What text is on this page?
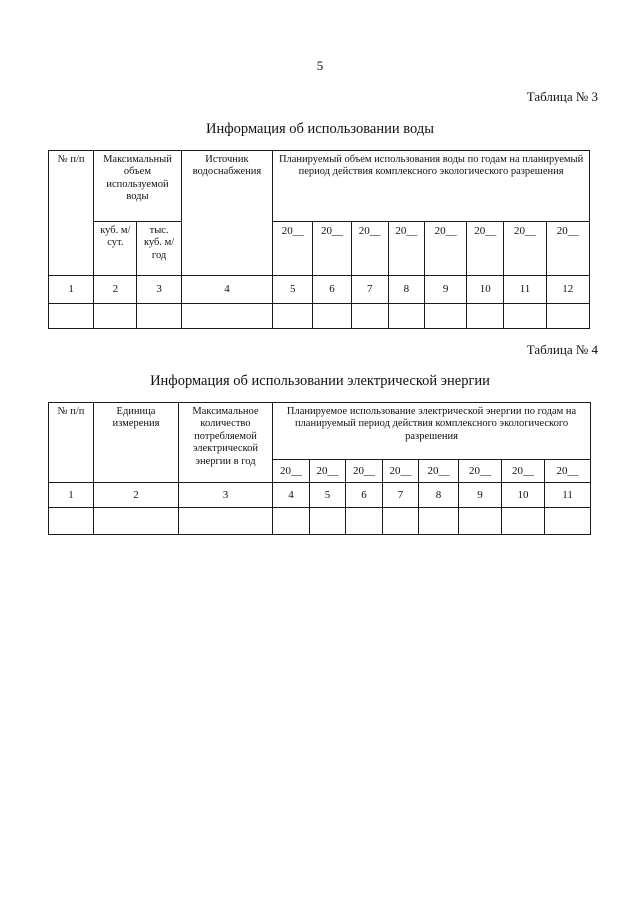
5
Таблица № 3
Информация об использовании воды
№ п/п	Максимальный объем используемой воды		Источник водоснабжения	Планируемый объем использования воды по годам на планируемый период действия комплексного экологического разрешения							
	куб. м/сут.	тыс. куб. м/год		20__	20__	20__	20__	20__	20__	20__	20__
1	2	3	4	5	6	7	8	9	10	11	12

Таблица № 4
Информация об использовании электрической энергии
№ п/п	Единица измерения	Максимальное количество потребляемой электрической энергии в год	Планируемое использование электрической энергии по годам на планируемый период действия комплексного экологического разрешения							
			20__	20__	20__	20__	20__	20__	20__	20__
1	2	3	4	5	6	7	8	9	10	11
